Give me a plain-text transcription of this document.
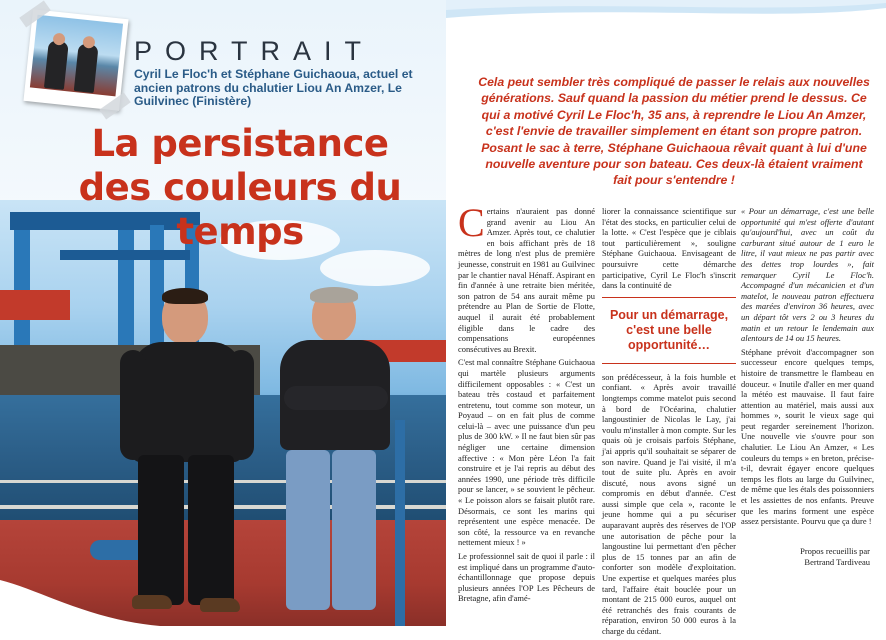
PORTRAIT
Cyril Le Floc'h et Stéphane Guichaoua, actuel et ancien patrons du chalutier Liou An Amzer, Le Guilvinec (Finistère)
La persistance des couleurs du temps
Cela peut sembler très compliqué de passer le relais aux nouvelles générations. Sauf quand la passion du métier prend le dessus. Ce qui a motivé Cyril Le Floc'h, 35 ans, à reprendre le Liou An Amzer, c'est l'envie de travailler simplement en étant son propre patron. Posant le sac à terre, Stéphane Guichaoua rêvait quant à lui d'une nouvelle aventure pour son bateau. Ces deux-là étaient vraiment fait pour s'entendre !

Certains n'auraient pas donné grand avenir au Liou An Amzer. Après tout, ce chalutier en bois affichant près de 18 mètres de long n'est plus de première jeunesse, construit en 1981 au Guilvinec par le chantier naval Hénaff. Aspirant en fin d'année à une retraite bien méritée, son patron de 54 ans aurait même pu prétendre au Plan de Sortie de Flotte, auquel il aurait été probablement éligible dans le cadre des compensations européennes consécutives au Brexit.

C'est mal connaître Stéphane Guichaoua qui martèle plusieurs arguments difficilement opposables : « C'est un bateau très costaud et parfaitement entretenu, tout comme son moteur, un Poyaud – on en fait plus de comme celui-là – avec une puissance d'un peu plus de 300 kW. » Il ne faut bien sûr pas négliger une certaine dimension affective : « Mon père Léon l'a fait construire et je l'ai repris au début des années 1990, une période très difficile pour se lancer, » se souvient le pêcheur. « Le poisson alors se faisait plutôt rare. Désormais, ce sont les marins qui représentent une espèce menacée. De son côté, la ressource va en revanche nettement mieux ! »

Le professionnel sait de quoi il parle : il est impliqué dans un programme d'auto-échantillonnage que propose depuis plusieurs années l'OP Les Pêcheurs de Bretagne, afin d'amé-

liorer la connaissance scientifique sur l'état des stocks, en particulier celui de la lotte. « C'est l'espèce que je ciblais tout particulièrement », souligne Stéphane Guichaoua. Envisageant de poursuivre cette démarche participative, Cyril Le Floc'h s'inscrit dans la continuité de

Pour un démarrage, c'est une belle opportunité…

son prédécesseur, à la fois humble et confiant. « Après avoir travaillé longtemps comme matelot puis second à bord de l'Océarina, chalutier langoustinier de Nicolas le Lay, j'ai voulu m'installer à mon compte. Sur les quais où je croisais parfois Stéphane, j'ai appris qu'il souhaitait se séparer de son navire. Quand je l'ai visité, il m'a tout de suite plu. Après en avoir discuté, nous avons signé un compromis en début d'année. C'est aussi simple que cela », raconte le jeune homme qui a pu sécuriser auparavant auprès des réserves de l'OP une autorisation de pêche pour la langoustine lui permettant d'en pêcher plus de 15 tonnes par an afin de conforter son modèle d'exploitation. Une expertise et quelques marées plus tard, l'affaire était bouclée pour un montant de 215 000 euros, auquel ont été retranchés des frais courants de réparation, environ 50 000 euros à la charge du cédant.

« Pour un démarrage, c'est une belle opportunité qui m'est offerte d'autant qu'aujourd'hui, avec un coût du carburant situé autour de 1 euro le litre, il vaut mieux ne pas partir avec des dettes trop lourdes », fait remarquer Cyril Le Floc'h. Accompagné d'un mécanicien et d'un matelot, le nouveau patron effectuera des marées d'environ 36 heures, avec un départ tôt vers 2 ou 3 heures du matin et un retour le lendemain aux alentours de 14 ou 15 heures.

Stéphane prévoit d'accompagner son successeur encore quelques temps, histoire de transmettre le flambeau en douceur. « Inutile d'aller en mer quand la météo est mauvaise. Il faut faire attention au matériel, mais aussi aux hommes », sourit le vieux sage qui peut regarder sereinement l'horizon. Une nouvelle vie s'ouvre pour son chalutier. Le Liou An Amzer, « Les couleurs du temps » en breton, précise-t-il, devrait égayer encore quelques temps les flots au large du Guilvinec, de même que les étals des poissonniers et les assiettes de nos enfants. Preuve que les marins forment une espèce assez persistante. Pourvu que ça dure !

Propos recueillis par
Bertrand Tardiveau
